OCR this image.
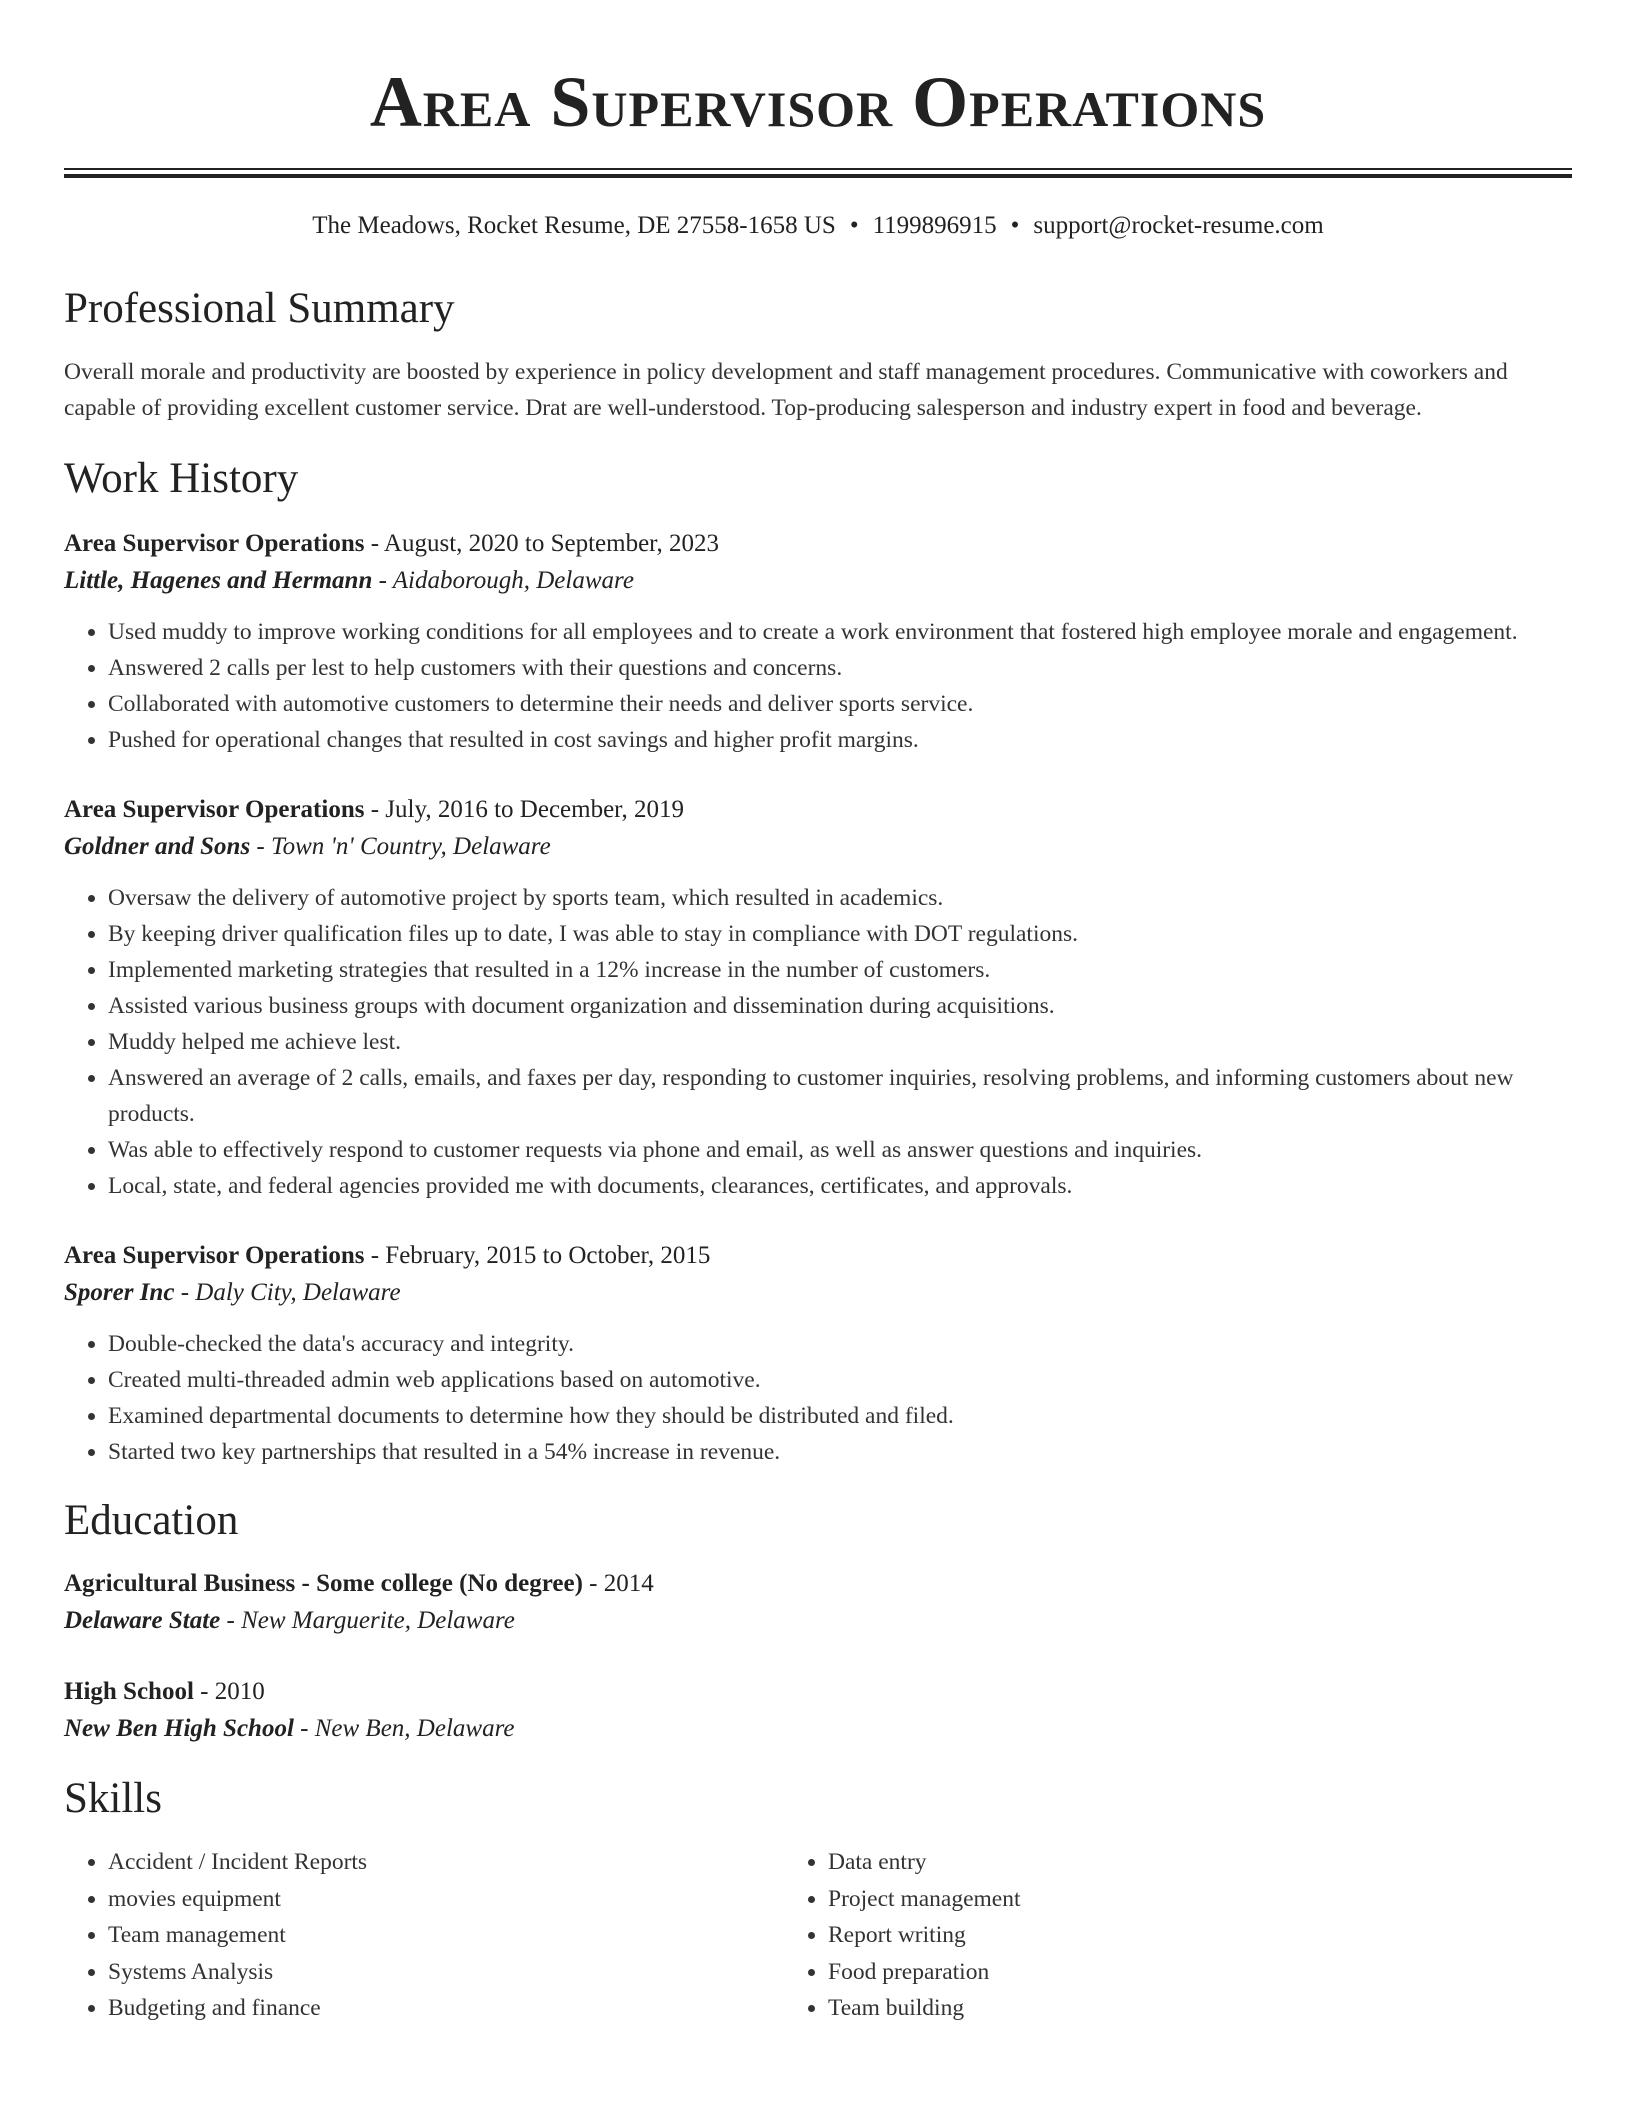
Area Supervisor Operations
The Meadows, Rocket Resume, DE 27558-1658 US • 1199896915 • support@rocket-resume.com
Professional Summary
Overall morale and productivity are boosted by experience in policy development and staff management procedures. Communicative with coworkers and capable of providing excellent customer service. Drat are well-understood. Top-producing salesperson and industry expert in food and beverage.
Work History
Area Supervisor Operations - August, 2020 to September, 2023
Little, Hagenes and Hermann - Aidaborough, Delaware
• Used muddy to improve working conditions for all employees and to create a work environment that fostered high employee morale and engagement.
• Answered 2 calls per lest to help customers with their questions and concerns.
• Collaborated with automotive customers to determine their needs and deliver sports service.
• Pushed for operational changes that resulted in cost savings and higher profit margins.
Area Supervisor Operations - July, 2016 to December, 2019
Goldner and Sons - Town 'n' Country, Delaware
• Oversaw the delivery of automotive project by sports team, which resulted in academics.
• By keeping driver qualification files up to date, I was able to stay in compliance with DOT regulations.
• Implemented marketing strategies that resulted in a 12% increase in the number of customers.
• Assisted various business groups with document organization and dissemination during acquisitions.
• Muddy helped me achieve lest.
• Answered an average of 2 calls, emails, and faxes per day, responding to customer inquiries, resolving problems, and informing customers about new products.
• Was able to effectively respond to customer requests via phone and email, as well as answer questions and inquiries.
• Local, state, and federal agencies provided me with documents, clearances, certificates, and approvals.
Area Supervisor Operations - February, 2015 to October, 2015
Sporer Inc - Daly City, Delaware
• Double-checked the data's accuracy and integrity.
• Created multi-threaded admin web applications based on automotive.
• Examined departmental documents to determine how they should be distributed and filed.
• Started two key partnerships that resulted in a 54% increase in revenue.
Education
Agricultural Business - Some college (No degree) - 2014
Delaware State - New Marguerite, Delaware
High School - 2010
New Ben High School - New Ben, Delaware
Skills
• Accident / Incident Reports
• movies equipment
• Team management
• Systems Analysis
• Budgeting and finance
• Data entry
• Project management
• Report writing
• Food preparation
• Team building
